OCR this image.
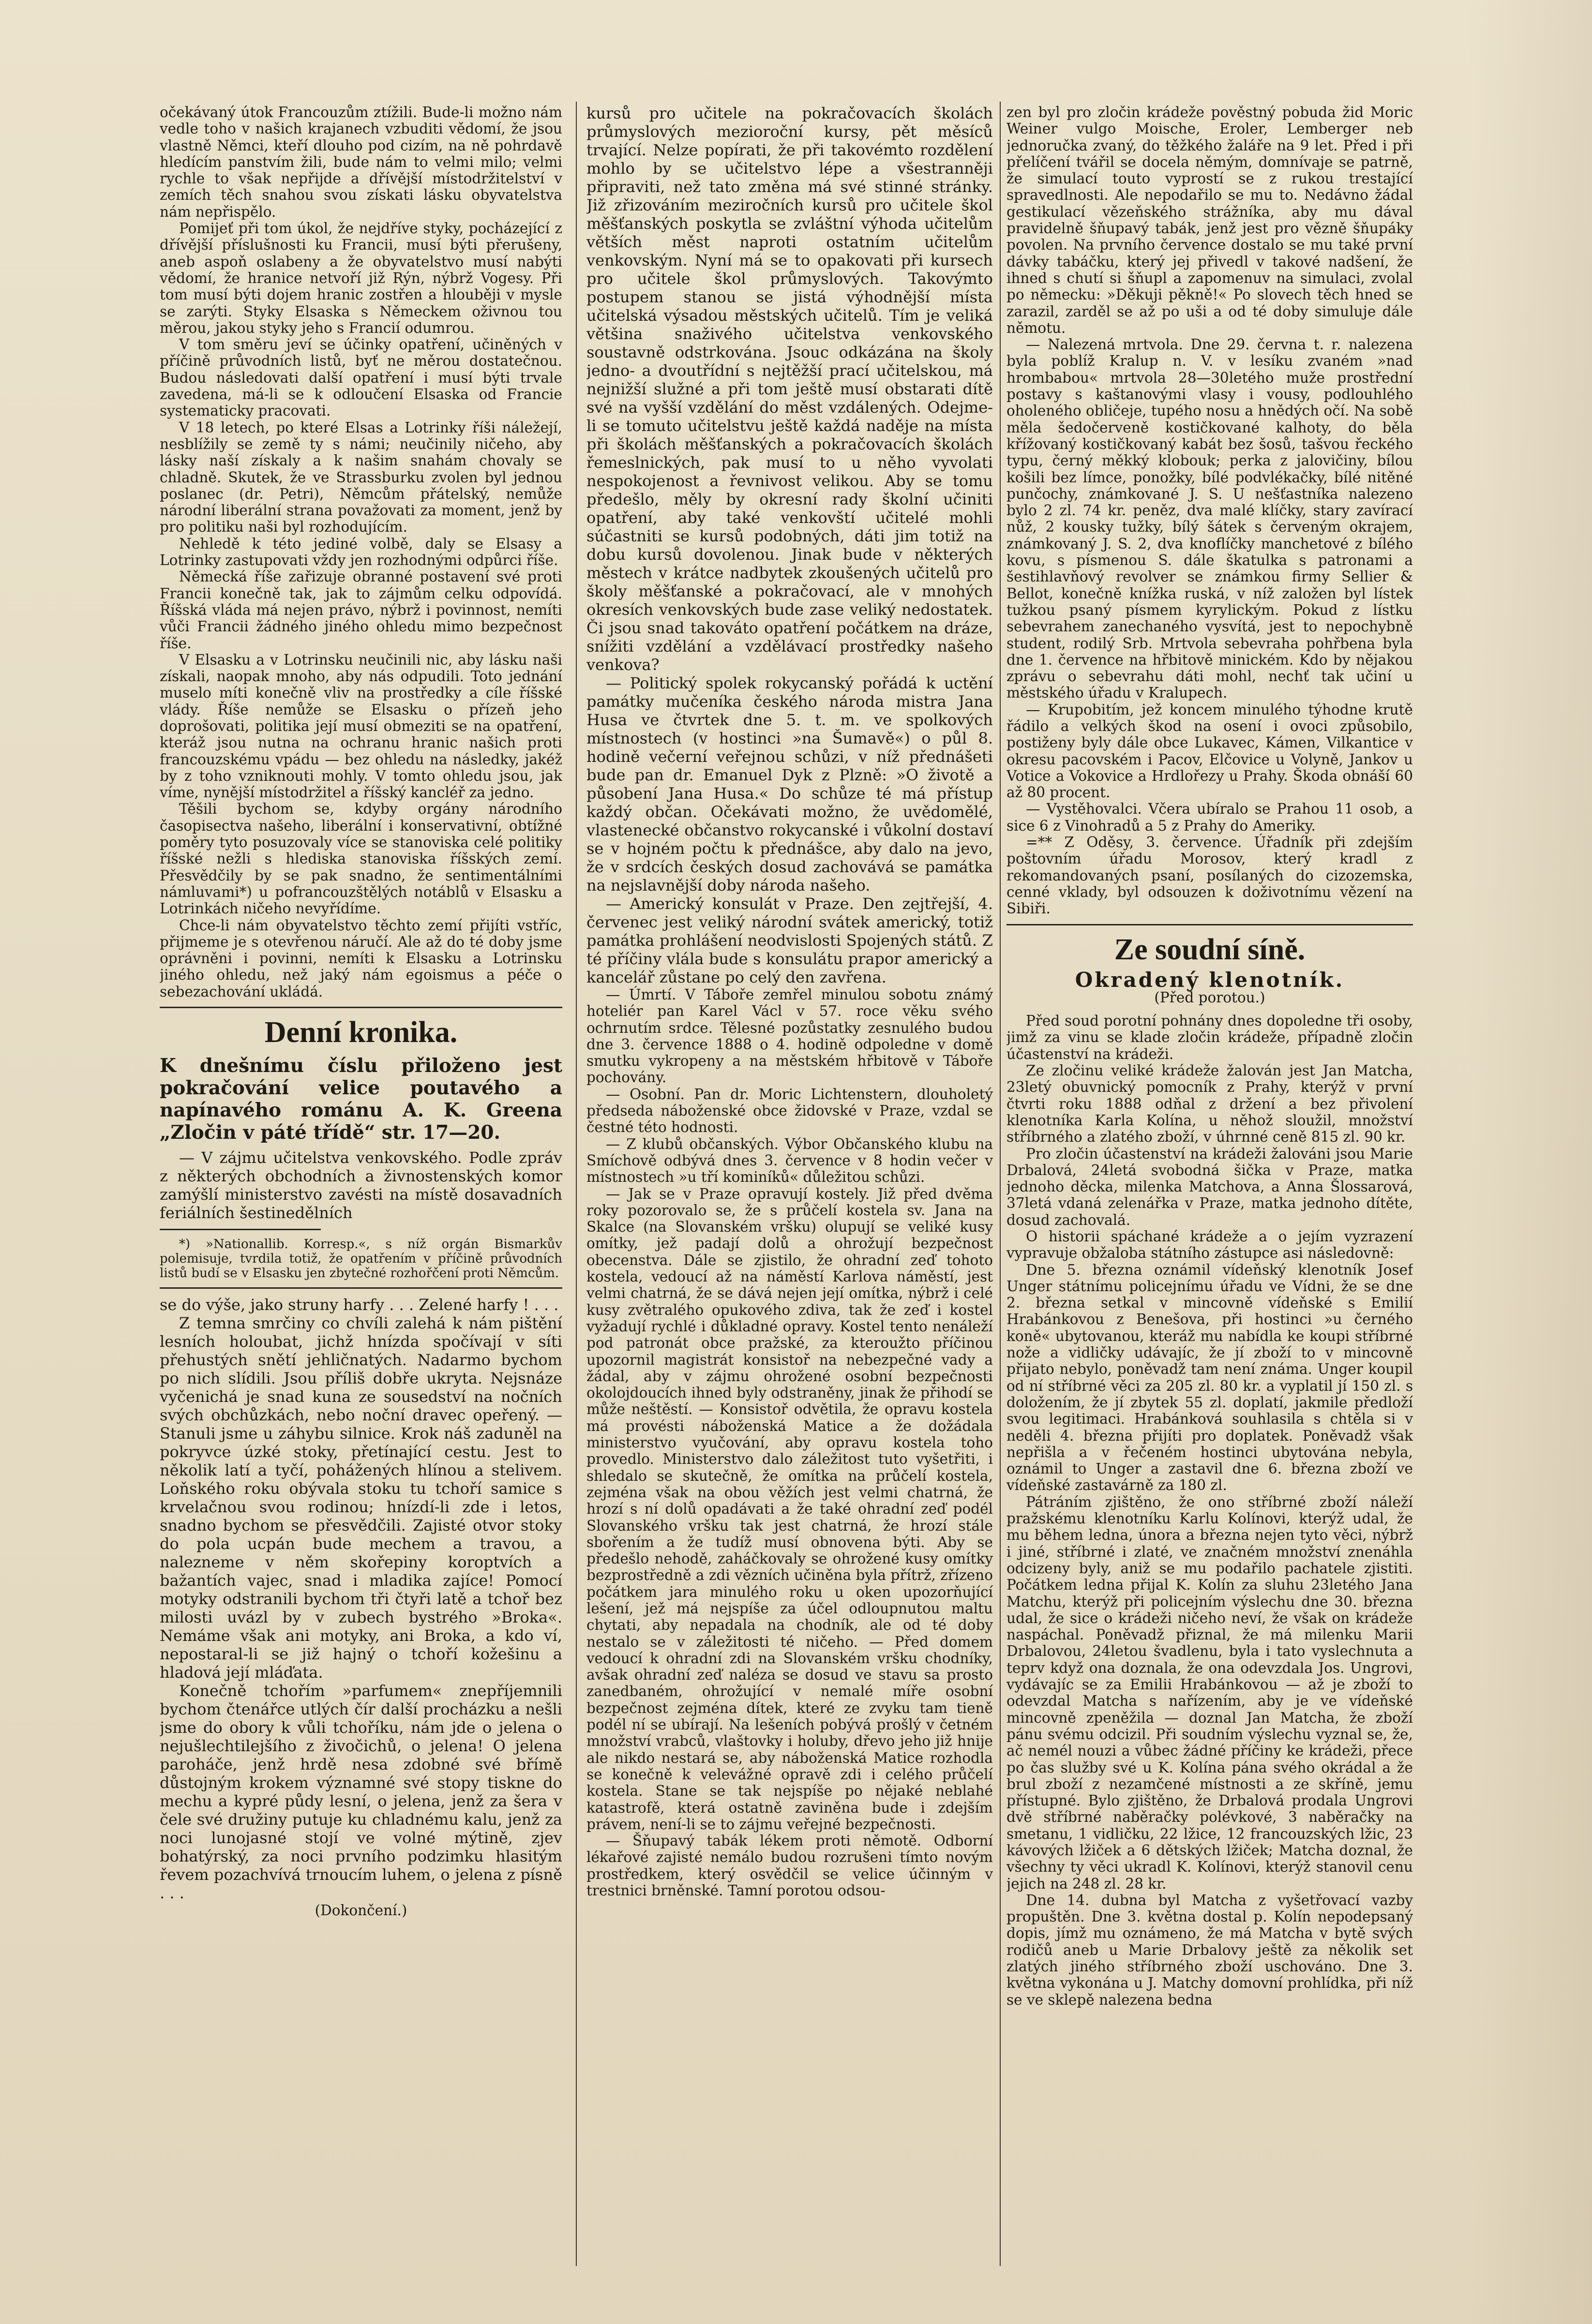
očekávaný útok Francouzům ztížili. Bude-li možno nám vedle toho v našich krajanech vzbuditi vědomí, že jsou vlastně Němci, kteří dlouho pod cizím, na ně pohrdavě hledícím panstvím žili, bude nám to velmi milo; velmi rychle to však nepřijde a dřívější místodržitelství v zemích těch snahou svou získati lásku obyvatelstva nám nepřispělo.

Pomijeť při tom úkol, že nejdříve styky, pocházející z dřívější příslušnosti ku Francii, musí býti přerušeny, aneb aspoň oslabeny a že obyvatelstvo musí nabýti vědomí, že hranice netvoří již Rýn, nýbrž Vogesy. Při tom musí býti dojem hranic zostřen a hlouběji v mysle se zarýti. Styky Elsaska s Německem oživnou tou měrou, jakou styky jeho s Francií odumrou.

V tom směru jeví se účinky opatření, učiněných v příčině průvodních listů, byť ne měrou dostatečnou. Budou následovati další opatření i musí býti trvale zavedena, má-li se k odloučení Elsaska od Francie systematicky pracovati.

V 18 letech, po které Elsas a Lotrinky říši náležejí, nesblížily se země ty s námi; neučinily ničeho, aby lásky naší získaly a k našim snahám chovaly se chladně. Skutek, že ve Strassburku zvolen byl jednou poslanec (dr. Petri), Němcům přátelský, nemůže národní liberální strana považovati za moment, jenž by pro politiku naši byl rozhodujícím.

Nehledě k této jediné volbě, daly se Elsasy a Lotrinky zastupovati vždy jen rozhodnými odpůrci říše.

Německá říše zařizuje obranné postavení své proti Francii konečně tak, jak to zájmům celku odpovídá. Říšská vláda má nejen právo, nýbrž i povinnost, nemíti vůči Francii žádného jiného ohledu mimo bezpečnost říše.

V Elsasku a v Lotrinsku neučinili nic, aby lásku naši získali, naopak mnoho, aby nás odpudili. Toto jednání muselo míti konečně vliv na prostředky a cíle říšské vlády. Říše nemůže se Elsasku o přízeň jeho doprošovati, politika její musí obmeziti se na opatření, kteráž jsou nutna na ochranu hranic našich proti francouzskému vpádu — bez ohledu na následky, jakéž by z toho vzniknouti mohly. V tomto ohledu jsou, jak víme, nynější místodržitel a říšský kancléř za jedno.

Těšili bychom se, kdyby orgány národního časopisectva našeho, liberální i konservativní, obtížné poměry tyto posuzovaly více se stanoviska celé politiky říšské nežli s hlediska stanoviska říšských zemí. Přesvědčily by se pak snadno, že sentimentálními námluvami*) u pofrancouzštělých notáblů v Elsasku a Lotrinkách ničeho nevyřídíme.

Chce-li nám obyvatelstvo těchto zemí přijíti vstříc, přijmeme je s otevřenou náručí. Ale až do té doby jsme oprávněni i povinni, nemíti k Elsasku a Lotrinsku jiného ohledu, než jaký nám egoismus a péče o sebezachování ukládá.

Denní kronika.
K dnešnímu číslu přiloženo jest pokračování velice poutavého a napínavého románu A. K. Greena „Zločin v páté třídě“ str. 17—20.

— V zájmu učitelstva venkovského. Podle zpráv z některých obchodních a živnostenských komor zamýšlí ministerstvo zavésti na místě dosavadních feriálních šestinedělních

*) »Nationallib. Korresp.«, s níž orgán Bismarkův polemisuje, tvrdila totiž, že opatřením v příčině průvodních listů budí se v Elsasku jen zbytečné rozhořčení proti Němcům.

se do výše, jako struny harfy . . . Zelené harfy ! . . .

Z temna smrčiny co chvíli zalehá k nám pištění lesních holoubat, jichž hnízda spočívají v síti přehustých snětí jehličnatých. Nadarmo bychom po nich slídili. Jsou příliš dobře ukryta. Nejsnáze vyčenichá je snad kuna ze sousedství na nočních svých obchůzkách, nebo noční dravec opeřený. — Stanuli jsme u záhybu silnice. Krok náš zaduněl na pokryvce úzké stoky, přetínající cestu. Jest to několik latí a tyčí, pohážených hlínou a stelivem. Loňského roku obývala stoku tu tchoří samice s krvelačnou svou rodinou; hnízdí-li zde i letos, snadno bychom se přesvědčili. Zajisté otvor stoky do pola ucpán bude mechem a travou, a nalezneme v něm skořepiny koroptvích a bažantích vajec, snad i mladika zajíce! Pomocí motyky odstranili bychom tři čtyři latě a tchoř bez milosti uvázl by v zubech bystrého »Broka«. Nemáme však ani motyky, ani Broka, a kdo ví, nepostaral-li se již hajný o tchoří kožešinu a hladová její mláďata.

Konečně tchořím »parfumem« znepříjemnili bychom čtenářce utlých čír další procházku a nešli jsme do obory k vůli tchoříku, nám jde o jelena o nejušlechtilejšího z živočichů, o jelena! O jelena paroháče, jenž hrdě nesa zdobné své břímě důstojným krokem významné své stopy tiskne do mechu a kypré půdy lesní, o jelena, jenž za šera v čele své družiny putuje ku chladnému kalu, jenž za noci lunojasné stojí ve volné mýtině, zjev bohatýrský, za noci prvního podzimku hlasitým řevem pozachvívá trnoucím luhem, o jelena z písně . . .

(Dokončení.)

kursů pro učitele na pokračovacích školách průmyslových mezioroční kursy, pět měsíců trvající. Nelze popírati, že při takovémto rozdělení mohlo by se učitelstvo lépe a všestranněji připraviti, než tato změna má své stinné stránky. Již zřizováním meziročních kursů pro učitele škol měšťanských poskytla se zvláštní výhoda učitelům větších měst naproti ostatním učitelům venkovským. Nyní má se to opakovati při kursech pro učitele škol průmyslových. Takovýmto postupem stanou se jistá výhodnější místa učitelská výsadou městských učitelů. Tím je veliká většina snaživého učitelstva venkovského soustavně odstrkována. Jsouc odkázána na školy jedno- a dvoutřídní s nejtěžší prací učitelskou, má nejnižší služné a při tom ještě musí obstarati dítě své na vyšší vzdělání do měst vzdálených. Odejme-li se tomuto učitelstvu ještě každá naděje na místa při školách měšťanských a pokračovacích školách řemeslnických, pak musí to u něho vyvolati nespokojenost a řevnivost velikou. Aby se tomu předešlo, měly by okresní rady školní učiniti opatření, aby také venkovští učitelé mohli súčastniti se kursů podobných, dáti jim totiž na dobu kursů dovolenou. Jinak bude v některých městech v krátce nadbytek zkoušených učitelů pro školy měšťanské a pokračovací, ale v mnohých okresích venkovských bude zase veliký nedostatek. Či jsou snad takováto opatření počátkem na dráze, snížiti vzdělání a vzdělávací prostředky našeho venkova?

— Politický spolek rokycanský pořádá k uctění památky mučeníka českého národa mistra Jana Husa ve čtvrtek dne 5. t. m. ve spolkových místnostech (v hostinci »na Šumavě«) o půl 8. hodině večerní veřejnou schůzi, v níž přednášeti bude pan dr. Emanuel Dyk z Plzně: »O životě a působení Jana Husa.« Do schůze té má přístup každý občan. Očekávati možno, že uvědomělé, vlastenecké občanstvo rokycanské i vůkolní dostaví se v hojném počtu k přednášce, aby dalo na jevo, že v srdcích českých dosud zachovává se památka na nejslavnější doby národa našeho.

— Americký konsulát v Praze. Den zejtřejší, 4. červenec jest veliký národní svátek americký, totiž památka prohlášení neodvislosti Spojených států. Z té příčiny vlála bude s konsulátu prapor americký a kancelář zůstane po celý den zavřena.

— Úmrtí. V Táboře zemřel minulou sobotu známý hoteliér pan Karel Václ v 57. roce věku svého ochrnutím srdce. Tělesné pozůstatky zesnulého budou dne 3. července 1888 o 4. hodině odpoledne v domě smutku vykropeny a na městském hřbitově v Táboře pochovány.

— Osobní. Pan dr. Moric Lichtenstern, dlouholetý předseda náboženské obce židovské v Praze, vzdal se čestné této hodnosti.

— Z klubů občanských. Výbor Občanského klubu na Smíchově odbývá dnes 3. července v 8 hodin večer v místnostech »u tří kominíků« důležitou schůzi.

— Jak se v Praze opravují kostely. Již před dvěma roky pozorovalo se, že s průčelí kostela sv. Jana na Skalce (na Slovanském vršku) olupují se veliké kusy omítky, jež padají dolů a ohrožují bezpečnost obecenstva. Dále se zjistilo, že ohradní zeď tohoto kostela, vedoucí až na náměstí Karlova náměstí, jest velmi chatrná, že se dává nejen její omítka, nýbrž i celé kusy zvětralého opukového zdiva, tak že zeď i kostel vyžadují rychlé i důkladné opravy. Kostel tento nenáleží pod patronát obce pražské, za kteroužto příčinou upozornil magistrát konsistoř na nebezpečné vady a žádal, aby v zájmu ohrožené osobní bezpečnosti okolojdoucích ihned byly odstraněny, jinak že přihodí se může neštěstí. — Konsistoř odvětila, že opravu kostela má provésti náboženská Matice a že dožádala ministerstvo vyučování, aby opravu kostela toho provedlo. Ministerstvo dalo záležitost tuto vyšetřiti, i shledalo se skutečně, že omítka na průčelí kostela, zejména však na obou věžích jest velmi chatrná, že hrozí s ní dolů opadávati a že také ohradní zeď podél Slovanského vršku tak jest chatrná, že hrozí stále sbořením a že tudíž musí obnovena býti. Aby se předešlo nehodě, zaháčkovaly se ohrožené kusy omítky bezprostředně a zdi vězních učiněna byla přítrž, zřízeno počátkem jara minulého roku u oken upozorňující lešení, jež má nejspíše za účel odloupnutou maltu chytati, aby nepadala na chodník, ale od té doby nestalo se v záležitosti té ničeho. — Před domem vedoucí k ohradní zdi na Slovanském vršku chodníky, avšak ohradní zeď naléza se dosud ve stavu sa prosto zanedbaném, ohrožující v nemalé míře osobní bezpečnost zejména dítek, které ze zvyku tam tieně podél ní se ubírají. Na lešeních pobývá prošlý v četném množství vrabců, vlaštovky i holuby, dřevo jeho již hnije ale nikdo nestará se, aby náboženská Matice rozhodla se konečně k velevážné opravě zdi i celého průčelí kostela. Stane se tak nejspíše po nějaké neblahé katastrofě, která ostatně zaviněna bude i zdejším právem, není-li se to zájmu veřejné bezpečnosti.

— Šňupavý tabák lékem proti němotě. Odborní lékařové zajisté nemálo budou rozrušeni tímto novým prostředkem, který osvědčil se velice účinným v trestnici brněnské. Tamní porotou odsou-

zen byl pro zločin krádeže pověstný pobuda žid Moric Weiner vulgo Moische, Eroler, Lemberger neb jednoručka zvaný, do těžkého žaláře na 9 let. Před i při přelíčení tvářil se docela němým, domnívaje se patrně, že simulací touto vyprostí se z rukou trestající spravedlnosti. Ale nepodařilo se mu to. Nedávno žádal gestikulací vězeňského strážníka, aby mu dával pravidelně šňupavý tabák, jenž jest pro vězně šňupáky povolen. Na prvního července dostalo se mu také první dávky tabáčku, který jej přivedl v takové nadšení, že ihned s chutí si šňupl a zapomenuv na simulaci, zvolal po německu: »Děkuji pěkně!« Po slovech těch hned se zarazil, zarděl se až po uši a od té doby simuluje dále němotu.

— Nalezená mrtvola. Dne 29. června t. r. nalezena byla poblíž Kralup n. V. v lesíku zvaném »nad hrombabou« mrtvola 28—30letého muže prostřední postavy s kaštanovými vlasy i vousy, podlouhlého oholeného obličeje, tupého nosu a hnědých očí. Na sobě měla šedočerveně kostičkované kalhoty, do běla křížovaný kostičkovaný kabát bez šosů, tašvou řeckého typu, černý měkký klobouk; perka z jalovičiny, bílou košili bez límce, ponožky, bílé podvlékačky, bílé nitěné punčochy, známkované J. S. U nešťastníka nalezeno bylo 2 zl. 74 kr. peněz, dva malé klíčky, stary zavírací nůž, 2 kousky tužky, bílý šátek s červeným okrajem, známkovaný J. S. 2, dva knoflíčky manchetové z bílého kovu, s písmenou S. dále škatulka s patronami a šestihlavňový revolver se známkou firmy Sellier & Bellot, konečně knížka ruská, v níž založen byl lístek tužkou psaný písmem kyrylickým. Pokud z lístku sebevrahem zanechaného vysvítá, jest to nepochybně student, rodilý Srb. Mrtvola sebevraha pohřbena byla dne 1. července na hřbitově minickém. Kdo by nějakou zprávu o sebevrahu dáti mohl, nechť tak učiní u městského úřadu v Kralupech.

— Krupobitím, jež koncem minulého týhodne krutě řádilo a velkých škod na osení i ovoci způsobilo, postiženy byly dále obce Lukavec, Kámen, Vilkantice v okresu pacovském i Pacov, Elčovice u Volyně, Jankov u Votice a Vokovice a Hrdlořezy u Prahy. Škoda obnáší 60 až 80 procent.

— Vystěhovalci. Včera ubíralo se Prahou 11 osob, a sice 6 z Vinohradů a 5 z Prahy do Ameriky.

=** Z Oděsy, 3. července. Úřadník při zdejším poštovním úřadu Morosov, který kradl z rekomandovaných psaní, posílaných do cizozemska, cenné vklady, byl odsouzen k doživotnímu vězení na Sibiři.

Ze soudní síně.
Okradený klenotník.

(Před porotou.)

Před soud porotní pohnány dnes dopoledne tři osoby, jimž za vinu se klade zločin krádeže, případně zločin účastenství na krádeži.

Ze zločinu veliké krádeže žalován jest Jan Matcha, 23letý obuvnický pomocník z Prahy, kterýž v první čtvrti roku 1888 odňal z držení a bez přivolení klenotníka Karla Kolína, u něhož sloužil, množství stříbrného a zlatého zboží, v úhrnné ceně 815 zl. 90 kr.

Pro zločin účastenství na krádeži žalováni jsou Marie Drbalová, 24letá svobodná šička v Praze, matka jednoho děcka, milenka Matchova, a Anna Šlossarová, 37letá vdaná zelenářka v Praze, matka jednoho dítěte, dosud zachovalá.

O historii spáchané krádeže a o jejím vyzrazení vypravuje obžaloba státního zástupce asi následovně:

Dne 5. března oznámil vídeňský klenotník Josef Unger státnímu policejnímu úřadu ve Vídni, že se dne 2. března setkal v mincovně vídeňské s Emilií Hrabánkovou z Benešova, při hostinci »u černého koně« ubytovanou, kteráž mu nabídla ke koupi stříbrné nože a vidličky udávajíc, že jí zboží to v mincovně přijato nebylo, poněvadž tam není známa. Unger koupil od ní stříbrné věci za 205 zl. 80 kr. a vyplatil jí 150 zl. s doložením, že jí zbytek 55 zl. doplatí, jakmile předloží svou legitimaci. Hrabánková souhlasila s chtěla si v neděli 4. března přijíti pro doplatek. Poněvadž však nepřišla a v řečeném hostinci ubytována nebyla, oznámil to Unger a zastavil dne 6. března zboží ve vídeňské zastavárně za 180 zl.

Pátráním zjištěno, že ono stříbrné zboží náleží pražskému klenotníku Karlu Kolínovi, kterýž udal, že mu během ledna, února a března nejen tyto věci, nýbrž i jiné, stříbrné i zlaté, ve značném množství znenáhla odcizeny byly, aniž se mu podařilo pachatele zjistiti. Počátkem ledna přijal K. Kolín za sluhu 23letého Jana Matchu, kterýž při policejním výslechu dne 30. března udal, že sice o krádeži ničeho neví, že však on krádeže naspáchal. Poněvadž přiznal, že má milenku Marii Drbalovou, 24letou švadlenu, byla i tato vyslechnuta a teprv když ona doznala, že ona odevzdala Jos. Ungrovi, vydávajíc se za Emilii Hrabánkovou — až je zboží to odevzdal Matcha s nařízením, aby je ve vídeňské mincovně zpeněžila — doznal Jan Matcha, že zboží pánu svému odcizil. Při soudním výslechu vyznal se, že, ač nemél nouzi a vůbec žádné příčiny ke krádeži, přece po čas služby své u K. Kolína pána svého okrádal a že brul zboží z nezamčené místnosti a ze skříně, jemu přístupné. Bylo zjištěno, že Drbalová prodala Ungrovi dvě stříbrné naběračky polévkové, 3 naběračky na smetanu, 1 vidličku, 22 lžice, 12 francouzských lžic, 23 kávových lžiček a 6 dětských lžiček; Matcha doznal, že všechny ty věci ukradl K. Kolínovi, kterýž stanovil cenu jejich na 248 zl. 28 kr.

Dne 14. dubna byl Matcha z vyšetřovací vazby propuštěn. Dne 3. května dostal p. Kolín nepodepsaný dopis, jímž mu oznámeno, že má Matcha v bytě svých rodičů aneb u Marie Drbalovy ještě za několik set zlatých jiného stříbrného zboží uschováno. Dne 3. května vykonána u J. Matchy domovní prohlídka, při níž se ve sklepě nalezena bedna
